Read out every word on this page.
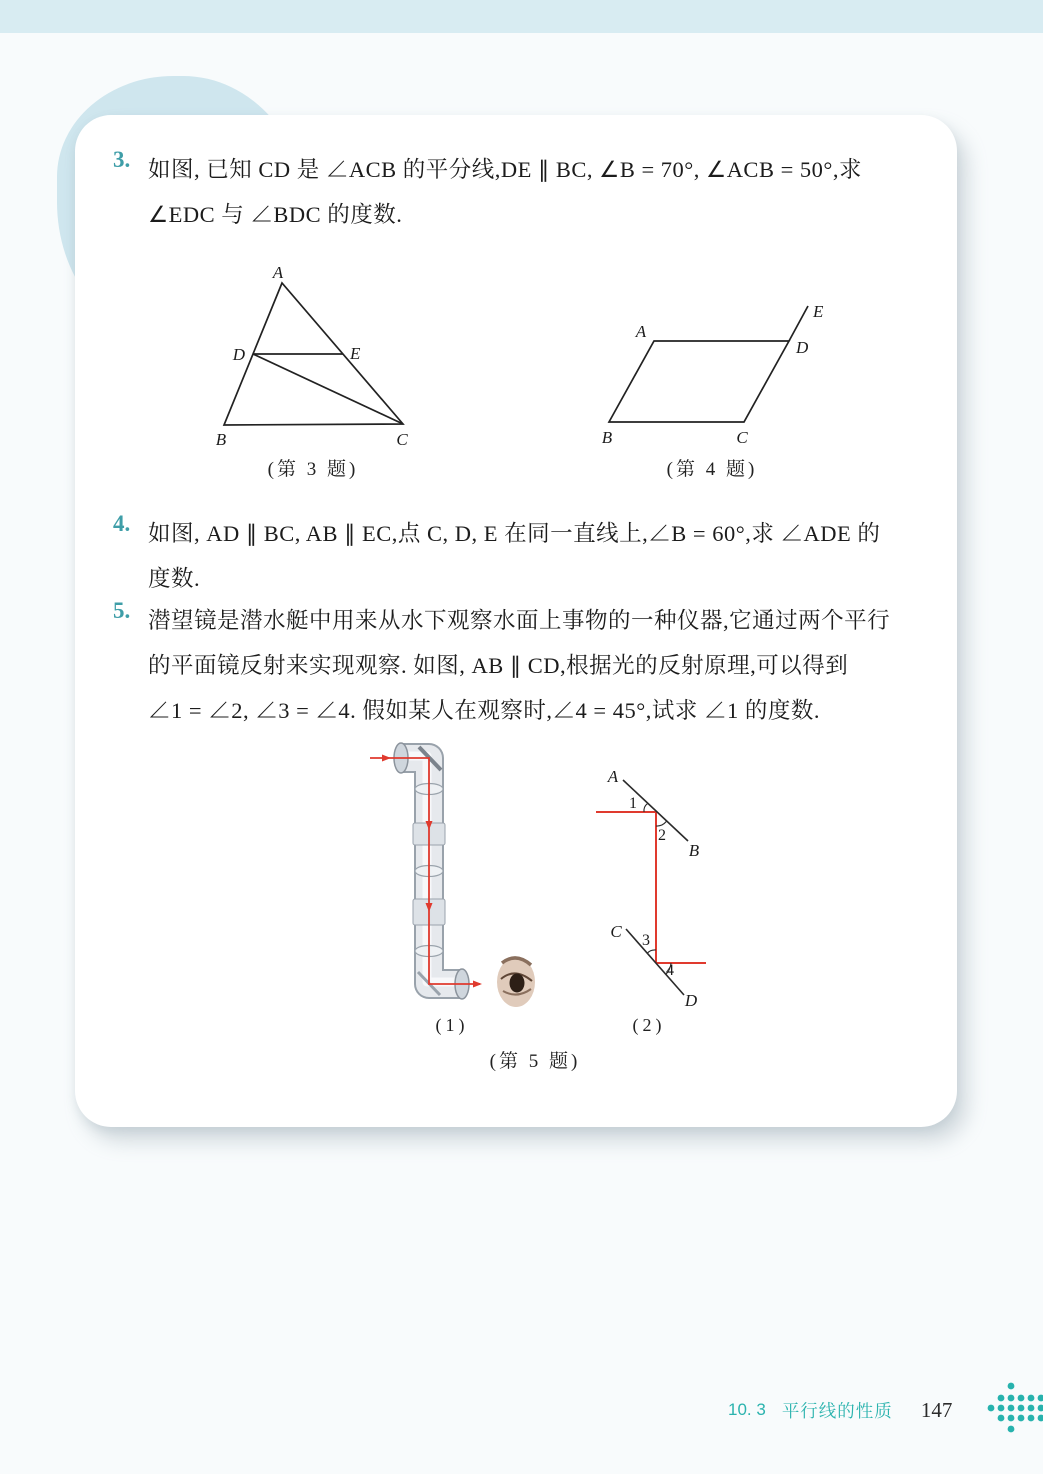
3. 如图, 已知 CD 是 ∠ACB 的平分线,DE ∥ BC, ∠B = 70°, ∠ACB = 50°,求
∠EDC 与 ∠BDC 的度数.
A
D	E
B	C
(第 3 题)
A
D
E
B	C
(第 4 题)
4. 如图, AD ∥ BC, AB ∥ EC,点 C, D, E 在同一直线上,∠B = 60°,求 ∠ADE 的
度数.
5. 潜望镜是潜水艇中用来从水下观察水面上事物的一种仪器,它通过两个平行
的平面镜反射来实现观察. 如图, AB ∥ CD,根据光的反射原理,可以得到
∠1 = ∠2, ∠3 = ∠4. 假如某人在观察时,∠4 = 45°,试求 ∠1 的度数.
(1)
A
1
2
B
C 3
4
D
(2)
(第 5 题)
10. 3 平行线的性质 147
